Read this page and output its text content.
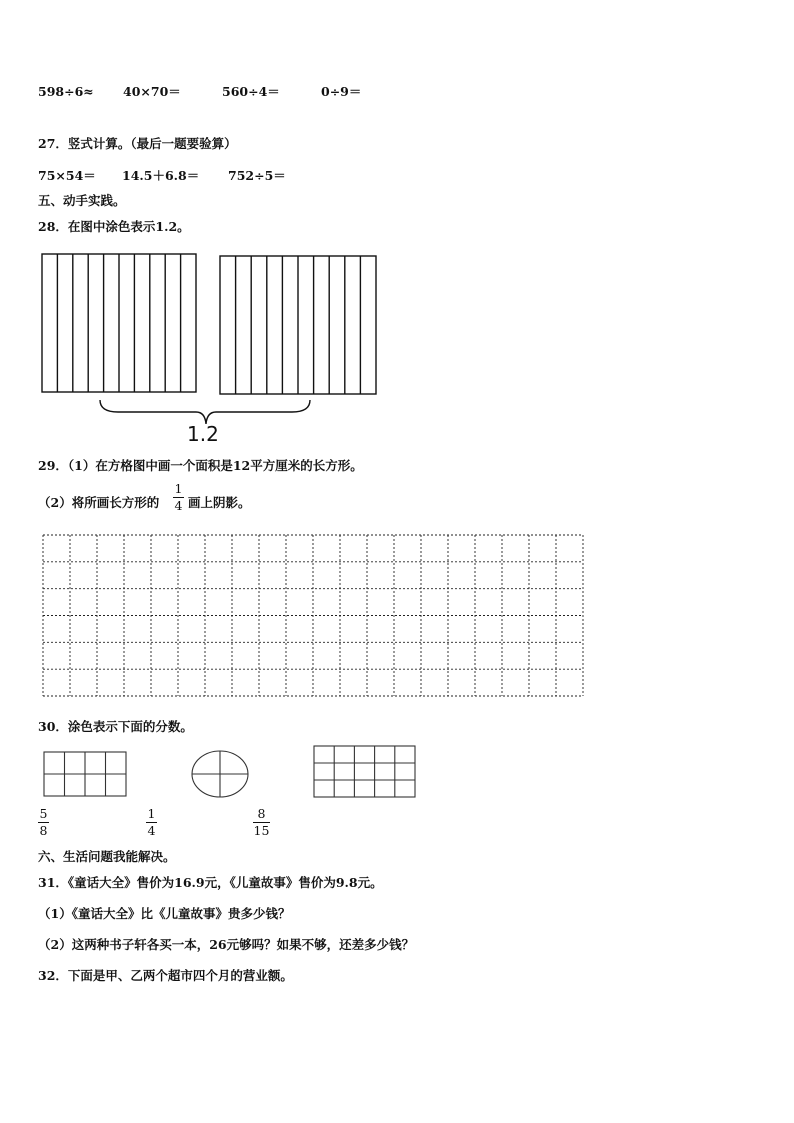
598÷6≈ 40×70＝	560÷4＝	0÷9＝
27．竖式计算。（最后一题要验算）
75×54＝ 14.5＋6.8＝ 752÷5＝
五、动手实践。
28．在图中涂色表示1.2。
1.2
29．（1）在方格图中画一个面积是12平方厘米的长方形。
（2）将所画长方形的
1
4 画上阴影。
30．涂色表示下面的分数。
5
8
1
4
8
15
六、生活问题我能解决。
31．《童话大全》售价为16.9元，《儿童故事》售价为9.8元。
（1）《童话大全》比《儿童故事》贵多少钱？
（2）这两种书子轩各买一本，26元够吗？如果不够，还差多少钱？
32．下面是甲、乙两个超市四个月的营业额。
